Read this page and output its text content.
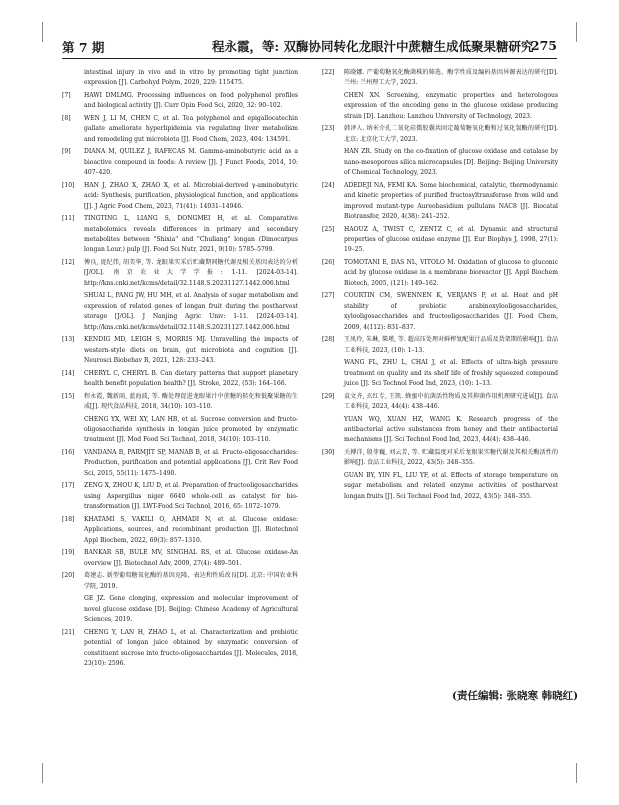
第 7 期	程永霞，等: 双酶协同转化龙眼汁中蔗糖生成低聚果糖研究
275
intestinal injury in vivo and in vitro by promoting tight junction expression [J]. Carbohyd Polym, 2020, 229: 115475.
[7] HAWI DMLMG. Processing influences on food polyphenol profiles and biological activity [J]. Curr Opin Food Sci, 2020, 32: 90–102.
[8] WEN J, LI M, CHEN C, et al. Tea polyphenol and epigallocatechin gallate ameliorate hyperlipidemia via regulating liver metabolism and remodeling gut microbiota [J]. Food Chem, 2023, 404: 134591.
[9] DIANA M, QUILEZ J, RAFECAS M. Gamma-aminobutyric acid as a bioactive compound in foods: A review [J]. J Funct Foods, 2014, 10: 407–420.
[10] HAN J, ZHAO X, ZHAO X, et al. Microbial-derived γ-aminobutyric acid: Synthesis, purification, physiological function, and applications [J]. J Agric Food Chem, 2023, 71(41): 14931–14946.
[11] TINGTING L, LIANG S, DONGMEI H, et al. Comparative metabolomics reveals differences in primary and secondary metabolites between "Shixia" and "Chuliang" longan (Dimocarpus longan Lour.) pulp [J]. Food Sci Nutr, 2021, 9(10): 5785–5799.
[12] 傅良, 庞纪伟, 胡美华, 等. 龙眼果实采后贮藏期间糖代谢及相关基因表达的分析[J/OL]. 南京农业大学学报: 1-11. [2024-03-14]. http://kns.cnki.net/kcms/detail/32.1148.S.20231127.1442.006.html
SHUAI L, PANG JW, HU MH, et al. Analysis of sugar metabolism and expression of related genes of longan fruit during the postharvest storage [J/OL]. J Nanjing Agric Univ: 1-11. [2024-03-14]. http://kns.cnki.net/kcms/detail/32.1148.S.20231127.1442.006.html
[13] KENDIG MD, LEIGH S, MORRIS MJ. Unravelling the impacts of western-style diets on brain, gut microbiota and cognition [J]. Neurosci Biobehav R, 2021, 128: 233–243.
[14] CHERYL C, CHERYL B. Can dietary patterns that support planetary health benefit population health? [J]. Stroke, 2022, (53): 164–166.
[15] 程永霞, 魏新雨, 蓝海波, 等. 酶处理促进龙眼果汁中蔗糖的转化和低聚果糖的生成[J]. 现代食品科技, 2018, 34(10): 103–110.
CHENG YX, WEI XY, LAN HB, et al. Sucrose conversion and fructo-oligosaccharide synthesis in longan juice promoted by enzymatic treatment [J]. Mod Food Sci Technol, 2018, 34(10): 103–110.
[16] VANDANA B, PARMJIT SP, MANAB B, et al. Fructo-oligosaccharides: Production, purification and potential applications [J]. Crit Rev Food Sci, 2015, 55(11): 1475–1490.
[17] ZENG X, ZHOU K, LIU D, et al. Preparation of fructooligosaccharides using Aspergillus niger 6640 whole-cell as catalyst for bio-transformation [J]. LWT-Food Sci Technol, 2016, 65: 1072–1079.
[18] KHATAMI S, VAKILI O, AHMADI N, et al. Glucose oxidase: Applications, sources, and recombinant production [J]. Biotechnol Appl Biochem, 2022, 69(3): 857–1310.
[19] BANKAR SB, BULE MV, SINGHAL RS, et al. Glucose oxidase-An overview [J]. Biotechnol Adv, 2009, 27(4): 489–501.
[20] 葛建志. 新型葡萄糖氧化酶的基因克隆、表达和性质改良[D]. 北京: 中国农业科学院, 2019.
GE JZ. Gene clonging, expression and molecular improvement of novel glucose oxidase [D]. Beijing: Chinese Academy of Agricultural Sciences, 2019.
[21] CHENG Y, LAN H, ZHAO L, et al. Characterization and prebiotic potential of longan juice obtained by enzymatic conversion of constituent sucrose into fructo-oligosaccharides [J]. Molecules, 2018, 23(10): 2596.
[22] 陈晓娜. 产葡萄糖氧化酶菌株的筛选、酶学性质及编码基因异源表达的研究[D]. 兰州: 兰州理工大学, 2023.
CHEN XN. Screening, enzymatic properties and heterologous expression of the encoding gene in the glucose oxidase producing strain [D]. Lanzhou: Lanzhou University of Technology, 2023.
[23] 韩泽人. 纳米介孔二氧化硅微胶囊共固定葡萄糖氧化酶和过氧化氢酶的研究[D]. 北京: 北京化工大学, 2023.
HAN ZR. Study on the co-fixation of glucose oxidase and catalase by nano-mesoporous silica microcapsules [D]. Beijing: Beijing University of Chemical Technology, 2023.
[24] ADEDEJI NA, FEMI KA. Some biochemical, catalytic, thermodynamic and kinetic properties of purified fructosyltransferase from wild and improved mutant-type Aureobasidium pullulans NAC8 [J]. Biocatal Biotransfor, 2020, 4(38): 241–252.
[25] HAOUZ A, TWIST C, ZENTZ C, et al. Dynamic and structural properties of glucose oxidase enzyme [J]. Eur Biophys J, 1998, 27(1): 19–25.
[26] TOMOTANI E, DAS NL, VITOLO M. Oxidation of glucose to gluconic acid by glucose oxidase in a membrane bioreactor [J]. Appl Biochem Biotech, 2005, (121): 149–162.
[27] COURTIN CM, SWENNEN K, VERJANS P, et al. Heat and pH stability of prebiotic arabinoxylooligosaccharides, xylooligosaccharides and fructooligosaccharides [J]. Food Chem, 2009, 4(112): 831–837.
[28] 王凤玲, 朱琳, 柴瑾, 等. 超高压处理对鲜榨复配果汁品质及货架期的影响[J]. 食品工业科技, 2023, (10): 1–13.
WANG FL, ZHU L, CHAI J, et al. Effects of ultra-high pressure treatment on quality and its shelf life of freshly squeezed compound juice [J]. Sci Technol Food Ind, 2023, (10): 1–13.
[29] 袁文齐, 玄红专, 王凯. 蜂蜜中抗菌活性物质及其抑菌作用机理研究进展[J]. 食品工业科技, 2023, 44(4): 438–446.
YUAN WQ, XUAN HZ, WANG K. Research progress of the antibacterial active substances from honey and their antibacterial mechanisms [J]. Sci Technol Food Ind, 2023, 44(4): 438–446.
[30] 关搏洋, 殷菲巍, 刘云芳, 等. 贮藏温度对采后龙眼果实糖代谢及其相关酶活性的影响[J]. 食品工业科技, 2022, 43(5): 348–355.
GUAN BY, YIN FL, LIU YF, et al. Effects of storage temperature on sugar metabolism and related enzyme activities of postharvest longan fruits [J]. Sci Technol Food Ind, 2022, 43(5): 348–355.
(责任编辑: 张晓寒 韩晓红)
